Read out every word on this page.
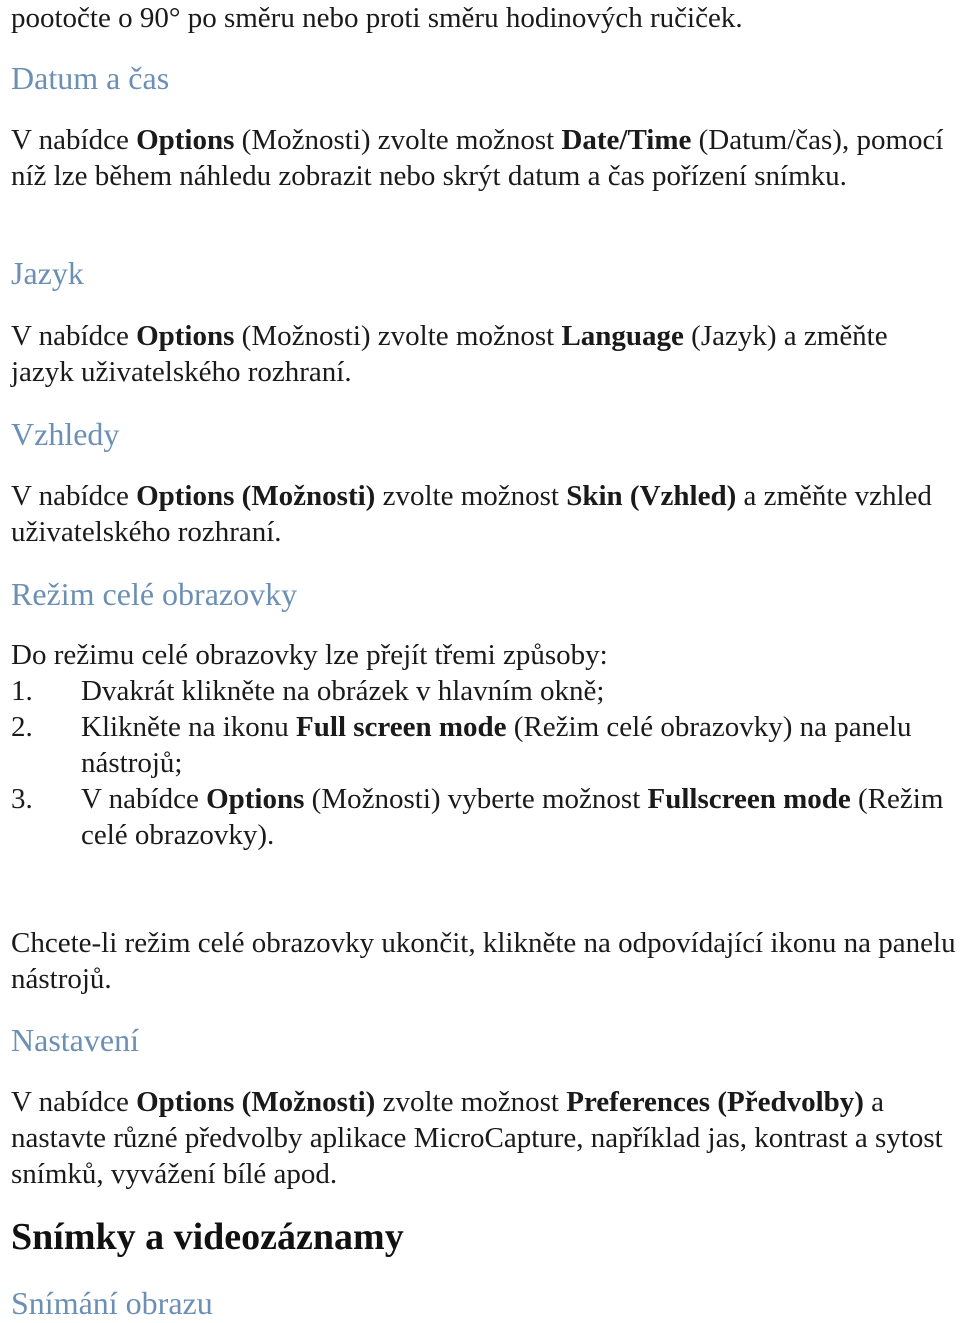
pootočte o 90° po směru nebo proti směru hodinových ručiček.

Datum a čas

V nabídce Options (Možnosti) zvolte možnost Date/Time (Datum/čas), pomocí níž lze během náhledu zobrazit nebo skrýt datum a čas pořízení snímku.

Jazyk

V nabídce Options (Možnosti) zvolte možnost Language (Jazyk) a změňte jazyk uživatelského rozhraní.

Vzhledy

V nabídce Options (Možnosti) zvolte možnost Skin (Vzhled) a změňte vzhled uživatelského rozhraní.

Režim celé obrazovky

Do režimu celé obrazovky lze přejít třemi způsoby:

1. Dvakrát klikněte na obrázek v hlavním okně;
2. Klikněte na ikonu Full screen mode (Režim celé obrazovky) na panelu nástrojů;
3. V nabídce Options (Možnosti) vyberte možnost Fullscreen mode (Režim celé obrazovky).

Chcete-li režim celé obrazovky ukončit, klikněte na odpovídající ikonu na panelu nástrojů.

Nastavení

V nabídce Options (Možnosti) zvolte možnost Preferences (Předvolby) a nastavte různé předvolby aplikace MicroCapture, například jas, kontrast a sytost snímků, vyvážení bílé apod.

Snímky a videozáznamy
Snímání obrazu
